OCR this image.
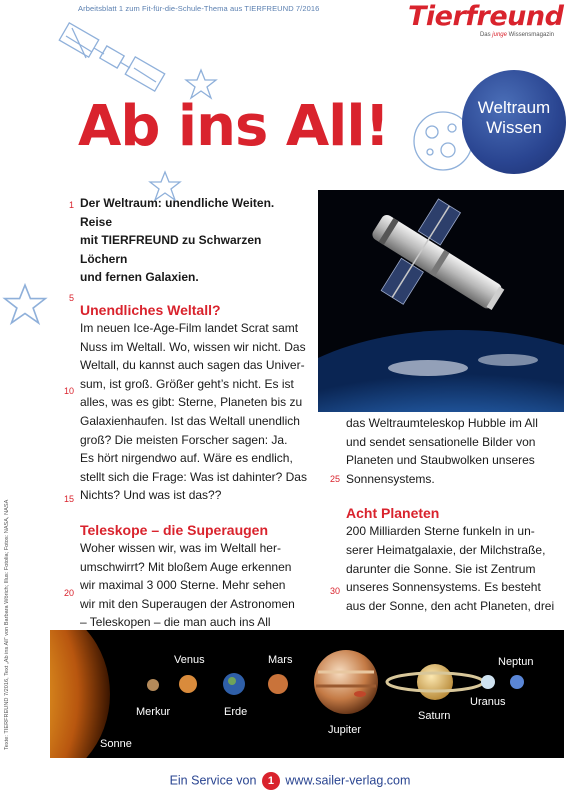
Arbeitsblatt 1 zum Fit-für-die-Schule-Thema aus TIERFREUND 7/2016	Tierfreund
Das junge Wissensmagazin
Ab ins All!	Weltraum
Wissen
1
5
10
15
20
25
30

Der Weltraum: unendliche Weiten. Reise
mit TIERFREUND zu Schwarzen Löchern
und fernen Galaxien.

Unendliches Weltall?

Im neuen Ice-Age-Film landet Scrat samt
Nuss im Weltall. Wo, wissen wir nicht. Das
Weltall, du kannst auch sagen das Univer-
sum, ist groß. Größer geht’s nicht. Es ist
alles, was es gibt: Sterne, Planeten bis zu
Galaxienhaufen. Ist das Weltall unendlich
groß? Die meisten Forscher sagen: Ja.
Es hört nirgendwo auf. Wäre es endlich,
stellt sich die Frage: Was ist dahinter? Das
Nichts? Und was ist das??

Teleskope – die Superaugen

Woher wissen wir, was im Weltall her-
umschwirrt? Mit bloßem Auge erkennen
wir maximal 3 000 Sterne. Mehr sehen
wir mit den Superaugen der Astronomen
– Teleskopen – die man auch ins All

das Weltraumteleskop Hubble im All
und sendet sensationelle Bilder von
Planeten und Staubwolken unseres
Sonnensystems.

Acht Planeten

200 Milliarden Sterne funkeln in un-
serer Heimatgalaxie, der Milchstraße,
darunter die Sonne. Sie ist Zentrum
unseres Sonnensystems. Es besteht
aus der Sonne, den acht Planeten, drei

Texte: TIERFREUND 7/2016, Text „Ab ins All“ von Barbara Wörich; Illus: Fotolia; Fotos: NASA, NASA	Sonne
Merkur
Venus
Erde
Mars
Jupiter
Saturn
Uranus
Neptun
Ein Service von 1 www.sailer-verlag.com
